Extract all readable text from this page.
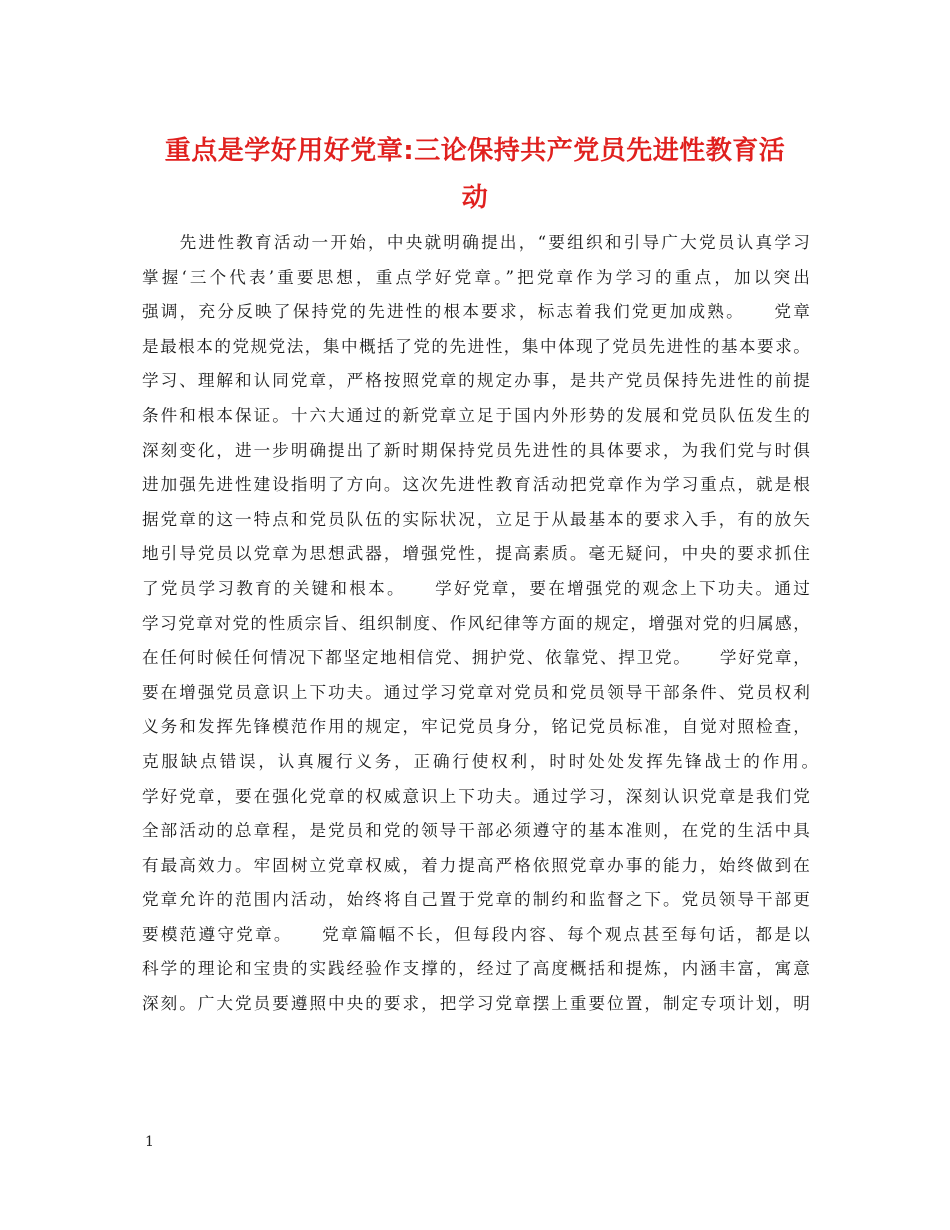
重点是学好用好党章:三论保持共产党员先进性教育活
动
　　先进性教育活动一开始，中央就明确提出，“要组织和引导广大党员认真学习
掌握‘三个代表’重要思想，重点学好党章。”把党章作为学习的重点，加以突出
强调，充分反映了保持党的先进性的根本要求，标志着我们党更加成熟。　　党章
是最根本的党规党法，集中概括了党的先进性，集中体现了党员先进性的基本要求。
学习、理解和认同党章，严格按照党章的规定办事，是共产党员保持先进性的前提
条件和根本保证。十六大通过的新党章立足于国内外形势的发展和党员队伍发生的
深刻变化，进一步明确提出了新时期保持党员先进性的具体要求，为我们党与时俱
进加强先进性建设指明了方向。这次先进性教育活动把党章作为学习重点，就是根
据党章的这一特点和党员队伍的实际状况，立足于从最基本的要求入手，有的放矢
地引导党员以党章为思想武器，增强党性，提高素质。毫无疑问，中央的要求抓住
了党员学习教育的关键和根本。　　学好党章，要在增强党的观念上下功夫。通过
学习党章对党的性质宗旨、组织制度、作风纪律等方面的规定，增强对党的归属感，
在任何时候任何情况下都坚定地相信党、拥护党、依靠党、捍卫党。　　学好党章，
要在增强党员意识上下功夫。通过学习党章对党员和党员领导干部条件、党员权利
义务和发挥先锋模范作用的规定，牢记党员身分，铭记党员标准，自觉对照检查，
克服缺点错误，认真履行义务，正确行使权利，时时处处发挥先锋战士的作用。　
学好党章，要在强化党章的权威意识上下功夫。通过学习，深刻认识党章是我们党
全部活动的总章程，是党员和党的领导干部必须遵守的基本准则，在党的生活中具
有最高效力。牢固树立党章权威，着力提高严格依照党章办事的能力，始终做到在
党章允许的范围内活动，始终将自己置于党章的制约和监督之下。党员领导干部更
要模范遵守党章。　　党章篇幅不长，但每段内容、每个观点甚至每句话，都是以
科学的理论和宝贵的实践经验作支撑的，经过了高度概括和提炼，内涵丰富，寓意
深刻。广大党员要遵照中央的要求，把学习党章摆上重要位置，制定专项计划，明
1
